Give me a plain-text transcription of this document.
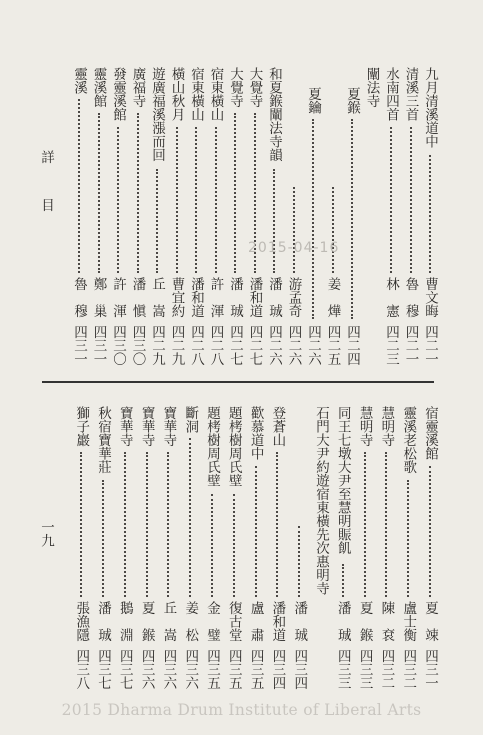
詳
目
一九
九月清溪道中
四二一
曹文晦
清溪三首
四二一
魯　穆
水南四首
四二三
林　憲
闡法寺
夏鍭
四二四
四二五
姜　燁
夏鑰
四二六
四二六
游孟奇
和夏鍭闡法寺韻
四二六
潘　珹
大覺寺
四二七
潘和道
大覺寺
四二七
潘　珹
宿東橫山
四二八
許　渾
宿東橫山
四二八
潘和道
橫山秋月
四二九
曹宜約
遊廣福溪漲而回
四二九
丘　嵩
廣福寺
四三〇
潘　愼
發靈溪館
四三〇
許　渾
靈溪館
四三一
鄭　巢
靈溪
四三一
魯　穆
宿靈溪館
四三一
夏　竦
靈溪老松歌
四三二
盧士衡
慧明寺
四三二
陳　袞
慧明寺
四三三
夏　鍭
同王七墩大尹至慧明賑飢
四三三
潘　珹
石門大尹約遊宿東橫先次惠明寺
四三四
潘　珹
登蒼山
四三四
潘和道
歡慕道中
四三五
盧　肅
題栲樹周氏壁
四三五
復古堂
題栲樹周氏壁
四三五
金　璧
斷洞
四三六
姜　松
寶華寺
四三六
丘　嵩
寶華寺
四三六
夏　鍭
寶華寺
四三七
鵝　淵
秋宿寶華莊
四三七
潘　珹
獅子巖
四三八
張漁隱
2015-04-16
2015 Dharma Drum Institute of Liberal Arts
